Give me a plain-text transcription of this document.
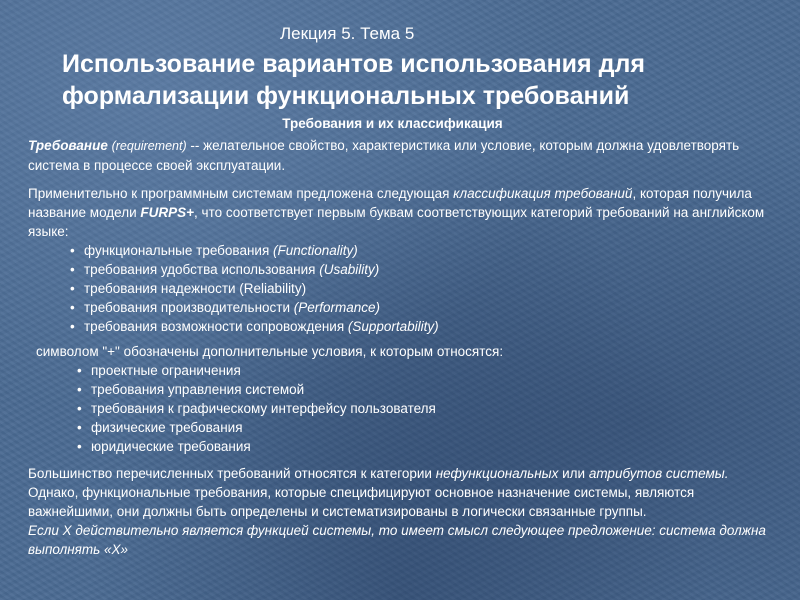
Лекция 5. Тема 5
Использование вариантов использования для
формализации функциональных требований
Требования и их классификация

Требование (requirement) -- желательное свойство, характеристика или условие, которым должна удовлетворять система в процессе своей эксплуатации.

Применительно к программным системам предложена следующая классификация требований, которая получила название модели FURPS+, что соответствует первым буквам соответствующих категорий требований на английском языке:

• функциональные требования (Functionality)
• требования удобства использования (Usability)
• требования надежности (Reliability)
• требования производительности (Performance)
• требования возможности сопровождения (Supportability)

символом "+" обозначены дополнительные условия, к которым относятся:

• проектные ограничения
• требования управления системой
• требования к графическому интерфейсу пользователя
• физические требования
• юридические требования

Большинство перечисленных требований относятся к категории нефункциональных или атрибутов системы. Однако, функциональные требования, которые специфицируют основное назначение системы, являются важнейшими, они должны быть определены и систематизированы в логически связанные группы.

Если X действительно является функцией системы, то имеет смысл следующее предложение: система должна выполнять «X»
